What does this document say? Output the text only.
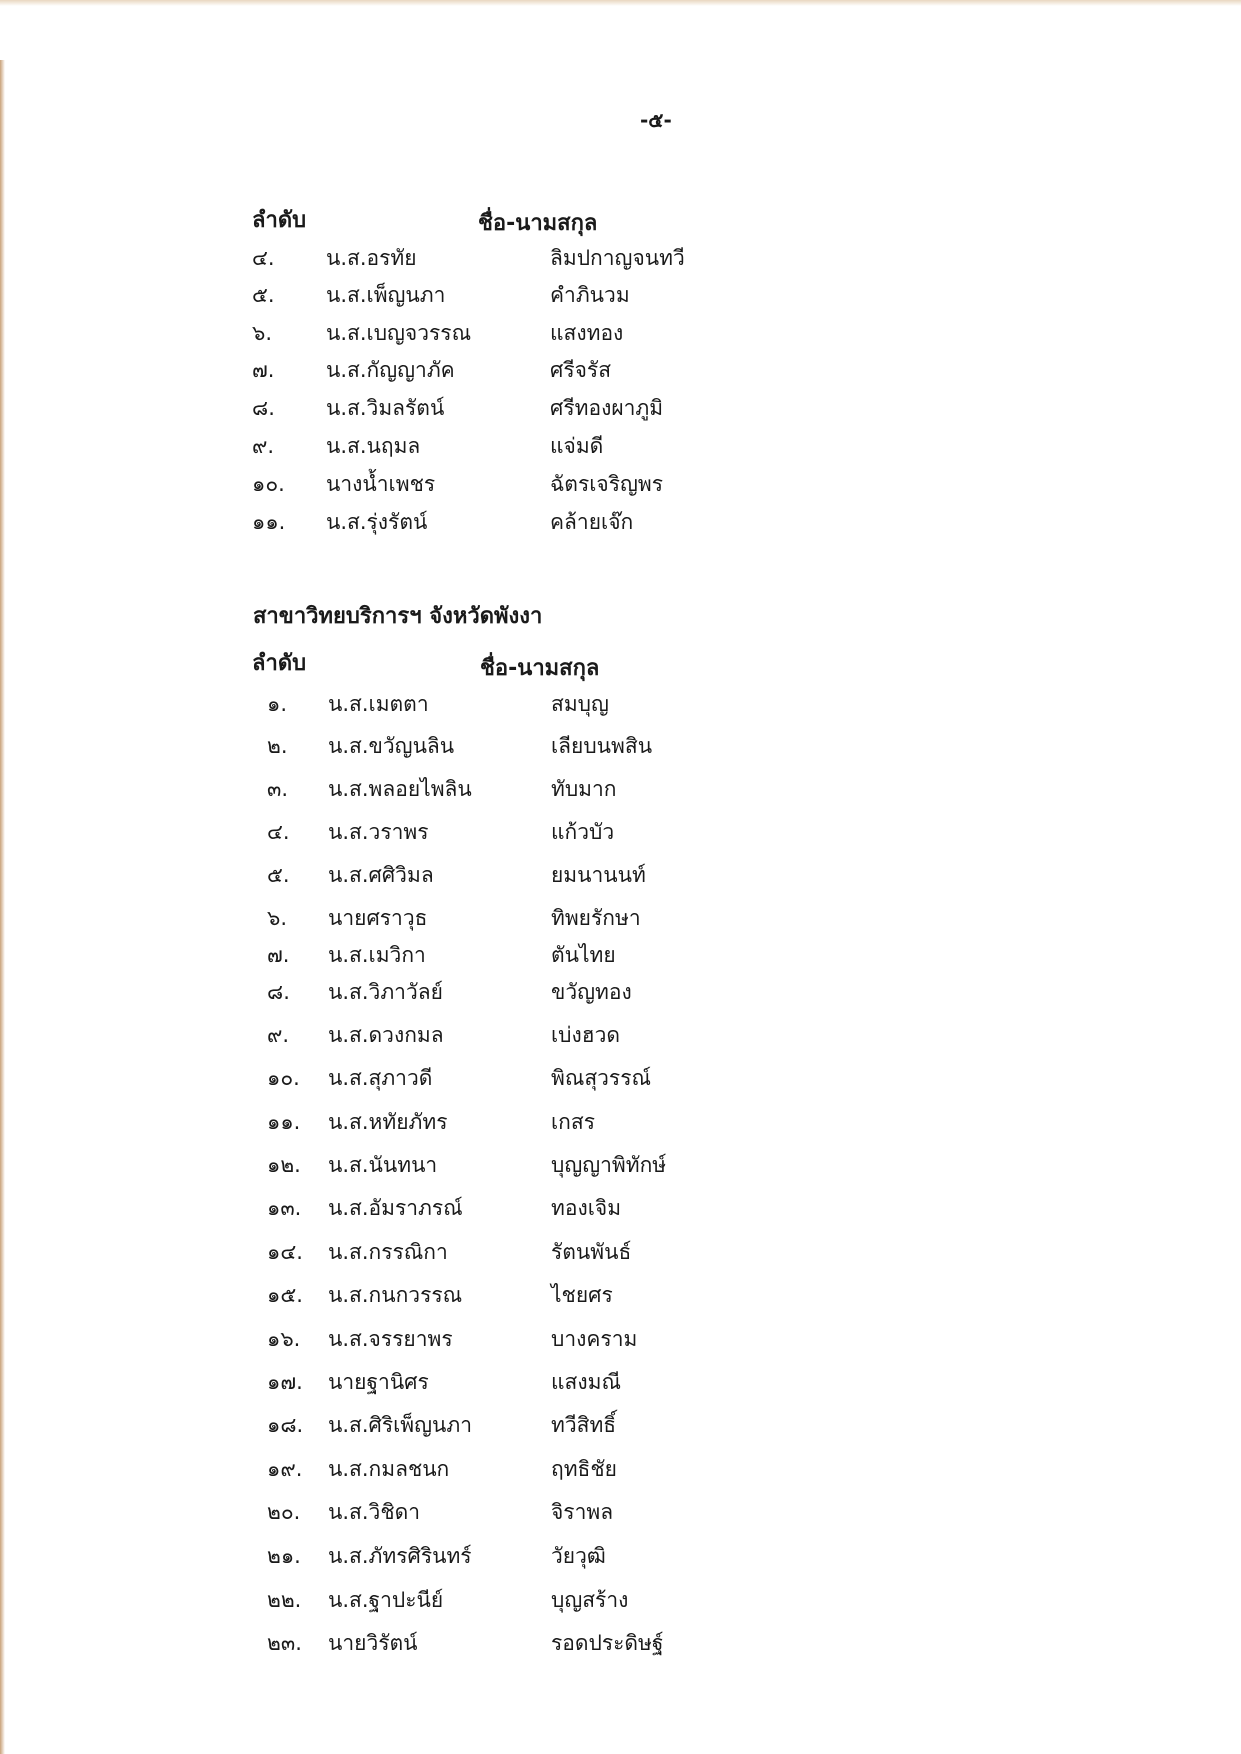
-๕-
ลำดับ	ชื่อ-นามสกุล
๔. น.ส.อรทัย	ลิมปกาญจนทวี
๕. น.ส.เพ็ญนภา	คำภินวม
๖.	น.ส.เบญจวรรณ	แสงทอง
๗. น.ส.กัญญาภัค	ศรีจรัส
๘. น.ส.วิมลรัตน์	ศรีทองผาภูมิ
๙. น.ส.นฤมล	แจ่มดี
๑๐. นางน้ำเพชร	ฉัตรเจริญพร
๑๑. น.ส.รุ่งรัตน์	คล้ายเจ๊ก
สาขาวิทยบริการฯ จังหวัดพังงา
ลำดับ	ชื่อ-นามสกุล
๑. น.ส.เมตตา	สมบุญ
๒. น.ส.ขวัญนลิน	เลียบนพสิน
๓. น.ส.พลอยไพลิน	ทับมาก
๔. น.ส.วราพร	แก้วบัว
๕. น.ส.ศศิวิมล	ยมนานนท์
๖. นายศราวุธ	ทิพยรักษา
๗. น.ส.เมวิกา	ตันไทย
๘. น.ส.วิภาวัลย์	ขวัญทอง
๙. น.ส.ดวงกมล	เบ่งฮวด
๑๐. น.ส.สุภาวดี	พิณสุวรรณ์
๑๑. น.ส.หทัยภัทร	เกสร
๑๒. น.ส.นันทนา	บุญญาพิทักษ์
๑๓. น.ส.อัมราภรณ์	ทองเจิม
๑๔. น.ส.กรรณิกา	รัตนพันธ์
๑๕. น.ส.กนกวรรณ	ไชยศร
๑๖. น.ส.จรรยาพร	บางคราม
๑๗. นายฐานิศร	แสงมณี
๑๘. น.ส.ศิริเพ็ญนภา	ทวีสิทธิ์
๑๙. น.ส.กมลชนก	ฤทธิชัย
๒๐. น.ส.วิชิดา	จิราพล
๒๑. น.ส.ภัทรศิรินทร์	วัยวุฒิ
๒๒. น.ส.ฐาปะนีย์	บุญสร้าง
๒๓. นายวิรัตน์	รอดประดิษฐ์
